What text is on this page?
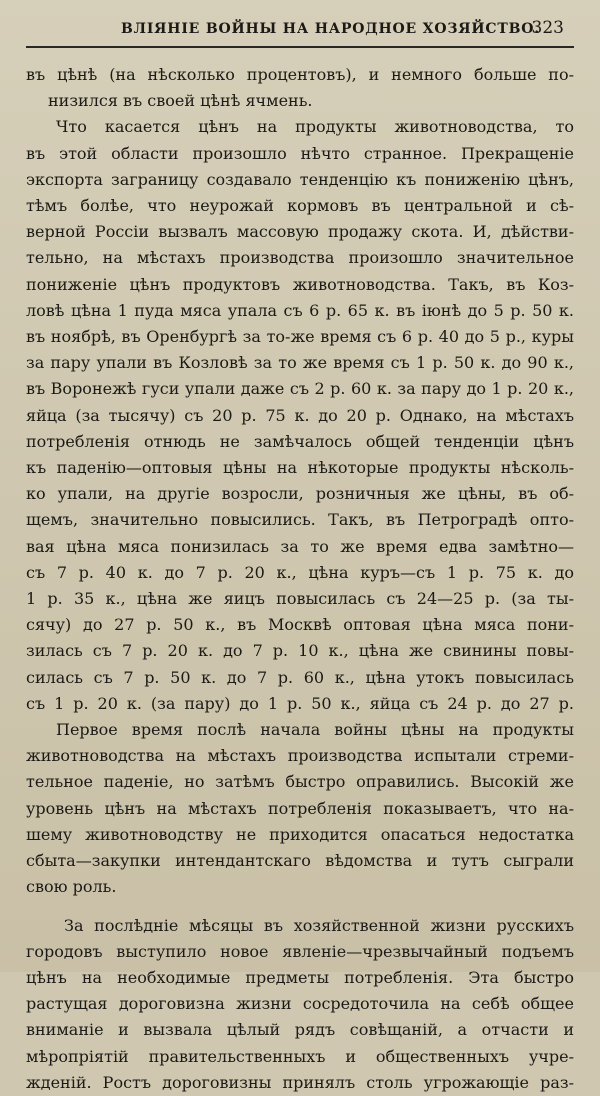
ВЛIЯНIЕ ВОЙНЫ НА НАРОДНОЕ ХОЗЯЙСТВО.
323
въ цѣнѣ (на нѣсколько процентовъ), и немного больше по-
низился въ своей цѣнѣ ячмень.
Что касается цѣнъ на продукты животноводства, то
въ этой области произошло нѣчто странное. Прекращенiе
экспорта заграницу создавало тенденцiю къ пониженiю цѣнъ,
тѣмъ болѣе, что неурожай кормовъ въ центральной и сѣ-
верной Россiи вызвалъ массовую продажу скота. И, дѣйстви-
тельно, на мѣстахъ производства произошло значительное
пониженiе цѣнъ продуктовъ животноводства. Такъ, въ Коз-
ловѣ цѣна 1 пуда мяса упала съ 6 р. 65 к. въ iюнѣ до 5 р. 50 к.
въ ноябрѣ, въ Оренбургѣ за то-же время съ 6 р. 40 до 5 р., куры
за пару упали въ Козловѣ за то же время съ 1 р. 50 к. до 90 к.,
въ Воронежѣ гуси упали даже съ 2 р. 60 к. за пару до 1 р. 20 к.,
яйца (за тысячу) съ 20 р. 75 к. до 20 р. Однако, на мѣстахъ
потребленiя отнюдь не замѣчалось общей тенденцiи цѣнъ
къ паденiю—оптовыя цѣны на нѣкоторые продукты нѣсколь-
ко упали, на другiе возросли, розничныя же цѣны, въ об-
щемъ, значительно повысились. Такъ, въ Петроградѣ опто-
вая цѣна мяса понизилась за то же время едва замѣтно—
съ 7 р. 40 к. до 7 р. 20 к., цѣна куръ—съ 1 р. 75 к. до
1 р. 35 к., цѣна же яицъ повысилась съ 24—25 р. (за ты-
сячу) до 27 р. 50 к., въ Москвѣ оптовая цѣна мяса пони-
зилась съ 7 р. 20 к. до 7 р. 10 к., цѣна же свинины повы-
силась съ 7 р. 50 к. до 7 р. 60 к., цѣна утокъ повысилась
съ 1 р. 20 к. (за пару) до 1 р. 50 к., яйца съ 24 р. до 27 р.
Первое время послѣ начала войны цѣны на продукты
животноводства на мѣстахъ производства испытали стреми-
тельное паденiе, но затѣмъ быстро оправились. Высокiй же
уровень цѣнъ на мѣстахъ потребленiя показываетъ, что на-
шему животноводству не приходится опасаться недостатка
сбыта—закупки интендантскаго вѣдомства и тутъ сыграли
свою роль.
За послѣднiе мѣсяцы въ хозяйственной жизни русскихъ
городовъ выступило новое явленiе—чрезвычайный подъемъ
цѣнъ на необходимые предметы потребленiя. Эта быстро
растущая дороговизна жизни сосредоточила на себѣ общее
вниманiе и вызвала цѣлый рядъ совѣщанiй, а отчасти и
мѣропрiятiй правительственныхъ и общественныхъ учре-
жденiй. Ростъ дороговизны принялъ столь угрожающiе раз-
